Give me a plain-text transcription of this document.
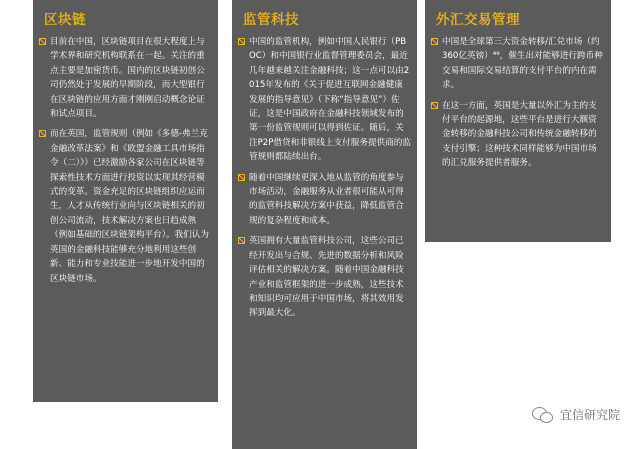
区块链
目前在中国，区块链项目在很大程度上与学术界和研究机构联系在一起。关注的重点主要是加密货币。国内的区块链初创公司仍然处于发展的早期阶段，而大型银行在区块链的应用方面才刚刚启动概念论证和试点项目。
而在英国，监管规则（例如《多德-弗兰克金融改革法案》和《欧盟金融工具市场指令（二）》）已经激励各家公司在区块链等探索性技术方面进行投资以实现其经营模式的变革。资金充足的区块链组织应运而生，人才从传统行业向与区块链相关的初创公司流动，技术解决方案也日趋成熟（例如基础的区块链架构平台）。我们认为英国的金融科技能够充分地利用这些创新、能力和专业技能进一步地开发中国的区块链市场。
监管科技
中国的监管机构，例如中国人民银行（PBOC）和中国银行业监督管理委员会，最近几年越来越关注金融科技；这一点可以由2015年发布的《关于促进互联网金融健康发展的指导意见》（下称“指导意见”）佐证，这是中国政府在金融科技领域发布的第一份监管规则可以得到佐证。随后，关注P2P借贷和非银线上支付服务提供商的监管规则都陆续出台。
随着中国继续更深入地从监管的角度参与市场活动，金融服务从业者很可能从可得的监管科技解决方案中获益，降低监管合规的复杂程度和成本。
英国拥有大量监管科技公司，这些公司已经开发出与合规、先进的数据分析和风险评估相关的解决方案。随着中国金融科技产业和监管框架的进一步成熟，这些技术和知识均可应用于中国市场，将其效用发挥到最大化。
外汇交易管理
中国是全球第三大资金转移/汇兑市场（约360亿英镑）⁴⁹，催生出对能够进行跨币种交易和国际交易结算的支付平台的内在需求。
在这一方面，英国是大量以外汇为主的支付平台的起源地，这些平台是进行大额资金转移的金融科技公司和传统金融转移的支付引擎；这种技术同样能够为中国市场的汇兑服务提供者服务。
宜信研究院
